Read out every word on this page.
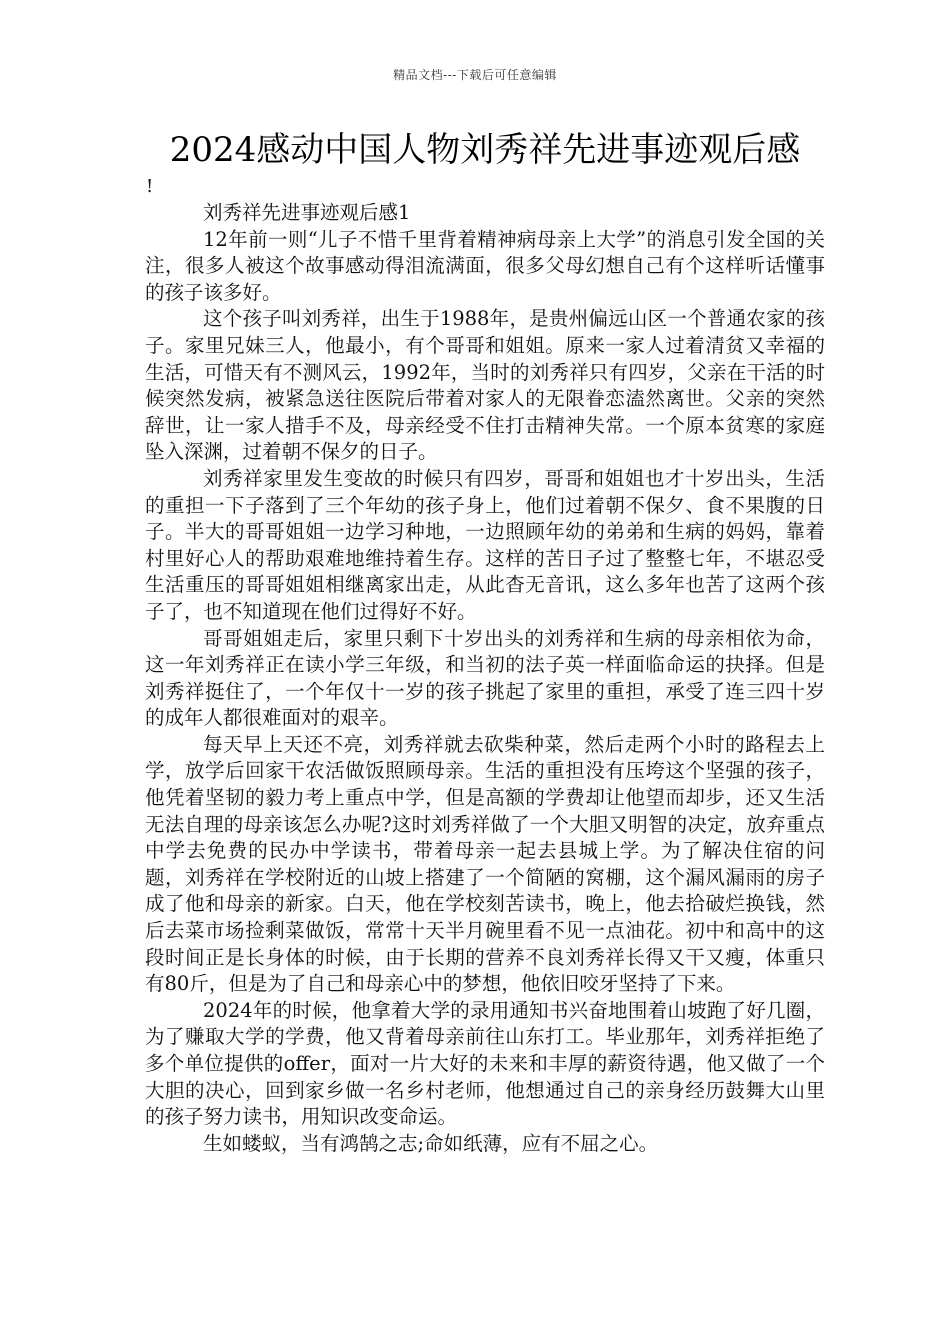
精品文档---下载后可任意编辑
2024感动中国人物刘秀祥先进事迹观后感
!

刘秀祥先进事迹观后感1

12年前一则“儿子不惜千里背着精神病母亲上大学”的消息引发全国的关注，很多人被这个故事感动得泪流满面，很多父母幻想自己有个这样听话懂事的孩子该多好。

这个孩子叫刘秀祥，出生于1988年，是贵州偏远山区一个普通农家的孩子。家里兄妹三人，他最小，有个哥哥和姐姐。原来一家人过着清贫又幸福的生活，可惜天有不测风云，1992年，当时的刘秀祥只有四岁，父亲在干活的时候突然发病，被紧急送往医院后带着对家人的无限眷恋溘然离世。父亲的突然辞世，让一家人措手不及，母亲经受不住打击精神失常。一个原本贫寒的家庭坠入深渊，过着朝不保夕的日子。

刘秀祥家里发生变故的时候只有四岁，哥哥和姐姐也才十岁出头，生活的重担一下子落到了三个年幼的孩子身上，他们过着朝不保夕、食不果腹的日子。半大的哥哥姐姐一边学习种地，一边照顾年幼的弟弟和生病的妈妈，靠着村里好心人的帮助艰难地维持着生存。这样的苦日子过了整整七年，不堪忍受生活重压的哥哥姐姐相继离家出走，从此杳无音讯，这么多年也苦了这两个孩子了，也不知道现在他们过得好不好。

哥哥姐姐走后，家里只剩下十岁出头的刘秀祥和生病的母亲相依为命，这一年刘秀祥正在读小学三年级，和当初的法子英一样面临命运的抉择。但是刘秀祥挺住了，一个年仅十一岁的孩子挑起了家里的重担，承受了连三四十岁的成年人都很难面对的艰辛。

每天早上天还不亮，刘秀祥就去砍柴种菜，然后走两个小时的路程去上学，放学后回家干农活做饭照顾母亲。生活的重担没有压垮这个坚强的孩子，他凭着坚韧的毅力考上重点中学，但是高额的学费却让他望而却步，还又生活无法自理的母亲该怎么办呢?这时刘秀祥做了一个大胆又明智的决定，放弃重点中学去免费的民办中学读书，带着母亲一起去县城上学。为了解决住宿的问题，刘秀祥在学校附近的山坡上搭建了一个简陋的窝棚，这个漏风漏雨的房子成了他和母亲的新家。白天，他在学校刻苦读书，晚上，他去拾破烂换钱，然后去菜市场捡剩菜做饭，常常十天半月碗里看不见一点油花。初中和高中的这段时间正是长身体的时候，由于长期的营养不良刘秀祥长得又干又瘦，体重只有80斤，但是为了自己和母亲心中的梦想，他依旧咬牙坚持了下来。

2024年的时候，他拿着大学的录用通知书兴奋地围着山坡跑了好几圈，为了赚取大学的学费，他又背着母亲前往山东打工。毕业那年，刘秀祥拒绝了多个单位提供的offer，面对一片大好的未来和丰厚的薪资待遇，他又做了一个大胆的决心，回到家乡做一名乡村老师，他想通过自己的亲身经历鼓舞大山里的孩子努力读书，用知识改变命运。

生如蝼蚁，当有鸿鹄之志;命如纸薄，应有不屈之心。
